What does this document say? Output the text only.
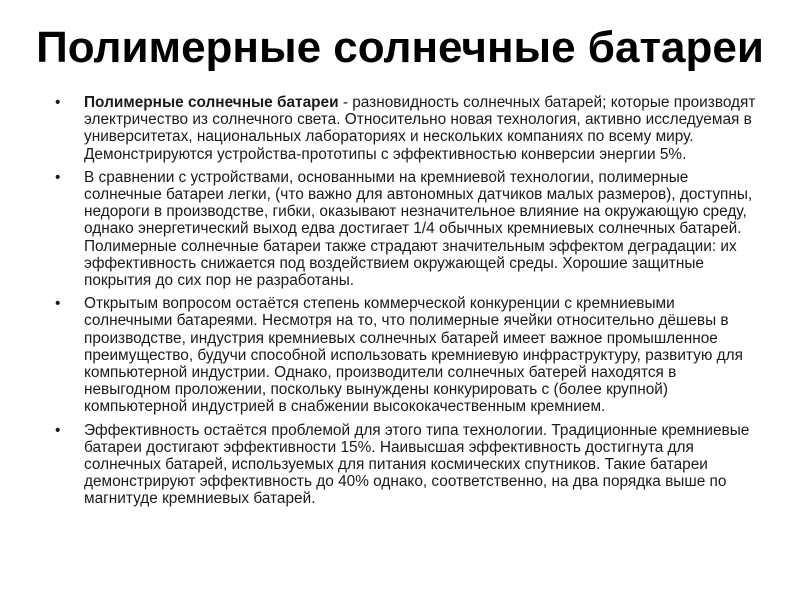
Полимерные солнечные батареи
•	Полимерные солнечные батареи - разновидность солнечных батарей; которые производят электричество из солнечного света. Относительно новая технология, активно исследуемая в университетах, национальных лабораториях и нескольких компаниях по всему миру. Демонстрируются устройства-прототипы с эффективностью конверсии энергии 5%.
•	В сравнении с устройствами, основанными на кремниевой технологии, полимерные солнечные батареи легки, (что важно для автономных датчиков малых размеров), доступны, недороги в производстве, гибки, оказывают незначительное влияние на окружающую среду, однако энергетический выход едва достигает 1/4 обычных кремниевых солнечных батарей. Полимерные солнечные батареи также страдают значительным эффектом деградации: их эффективность снижается под воздействием окружающей среды. Хорошие защитные покрытия до сих пор не разработаны.
•	Открытым вопросом остаётся степень коммерческой конкуренции с кремниевыми солнечными батареями. Несмотря на то, что полимерные ячейки относительно дёшевы в производстве, индустрия кремниевых солнечных батарей имеет важное промышленное преимущество, будучи способной использовать кремниевую инфраструктуру, развитую для компьютерной индустрии. Однако, производители солнечных батерей находятся в невыгодном проложении, поскольку вынуждены конкурировать с (более крупной) компьютерной индустрией в снабжении высококачественным кремнием.
•	Эффективность остаётся проблемой для этого типа технологии. Традиционные кремниевые батареи достигают эффективности 15%. Наивысшая эффективность достигнута для солнечных батарей, используемых для питания космических спутников. Такие батареи демонстрируют эффективность до 40% однако, соответственно, на два порядка выше по магнитуде кремниевых батарей.
